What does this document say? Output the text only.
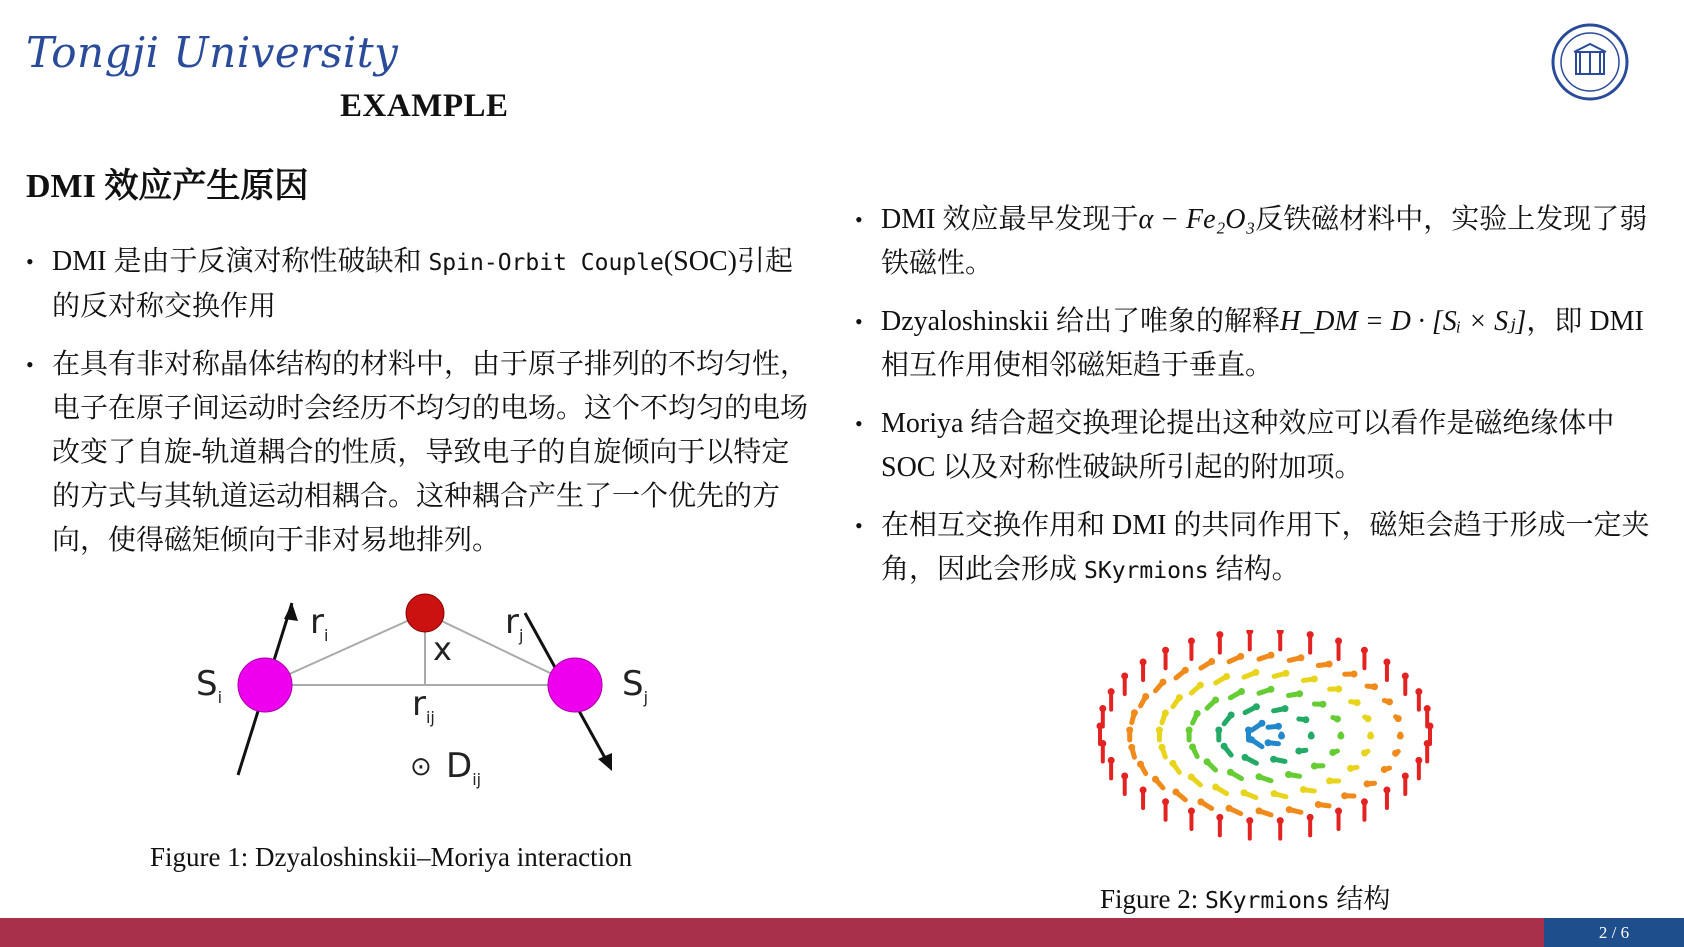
Tongji University
EXAMPLE
DMI 效应产生原因
• DMI 是由于反演对称性破缺和 Spin-Orbit Couple(SOC)引起的反对称交换作用
• 在具有非对称晶体结构的材料中，由于原子排列的不均匀性，电子在原子间运动时会经历不均匀的电场。这个不均匀的电场改变了自旋-轨道耦合的性质，导致电子的自旋倾向于以特定的方式与其轨道运动相耦合。这种耦合产生了一个优先的方向，使得磁矩倾向于非对易地排列。
• DMI 效应最早发现于α − Fe₂O₃反铁磁材料中，实验上发现了弱铁磁性。
• Dzyaloshinskii 给出了唯象的解释H_DM = D · [Sᵢ × Sⱼ]，即 DMI 相互作用使相邻磁矩趋于垂直。
• Moriya 结合超交换理论提出这种效应可以看作是磁绝缘体中 SOC 以及对称性破缺所引起的附加项。
• 在相互交换作用和 DMI 的共同作用下，磁矩会趋于形成一定夹角，因此会形成 SKyrmions 结构。
$r_i$	$r_j$
x
$r_{ij}$
$S_i$	$S_j$
⊙ $D_{ij}$
Figure 1: Dzyaloshinskii–Moriya interaction
Figure 2: SKyrmions 结构
2 / 6
